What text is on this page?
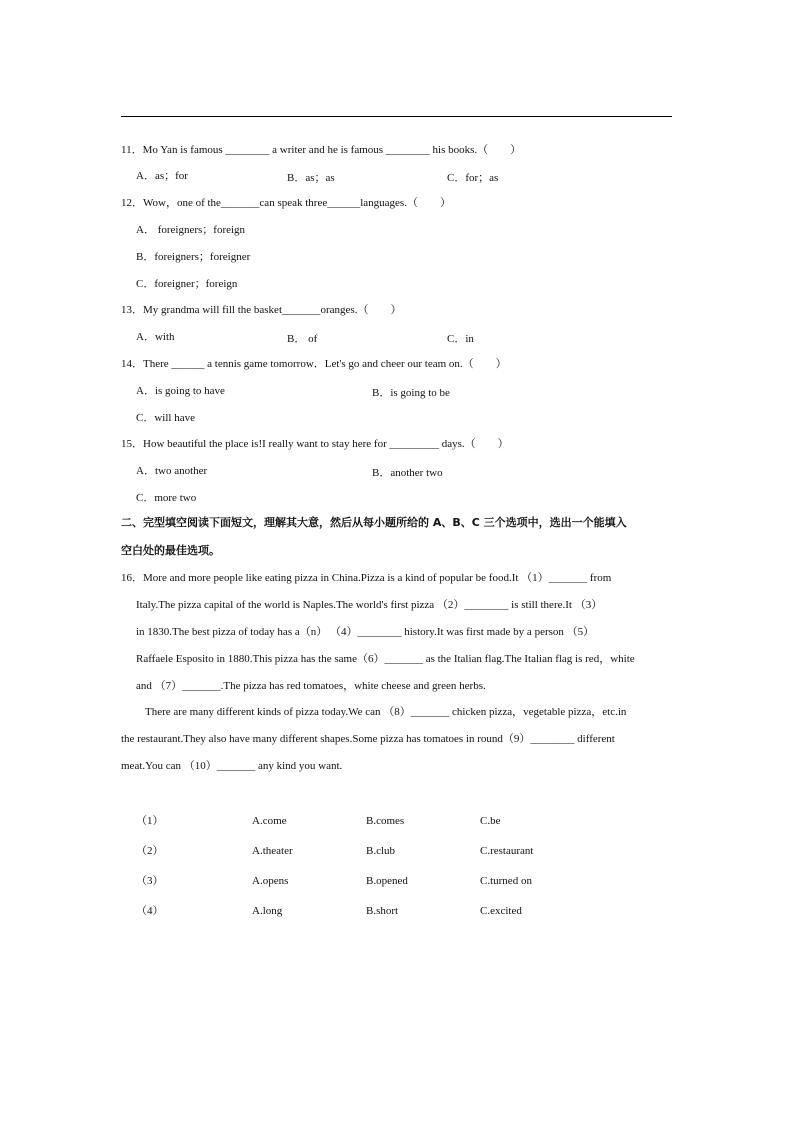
11．Mo Yan is famous ________ a writer and he is famous ________ his books.（　　）
A．as；for	B．as；as	C．for；as
12．Wow，one of the_______can speak three______languages.（　　）
A． foreigners；foreign
B．foreigners；foreigner
C．foreigner；foreign
13．My grandma will fill the basket_______oranges.（　　）
A．with	B． of	C．in
14．There ______ a tennis game tomorrow．Let's go and cheer our team on.（　　）
A．is going to have	B．is going to be
C．will have
15．How beautiful the place is!I really want to stay here for _________ days.（　　）
A．two another	B．another two
C．more two
二、完型填空阅读下面短文，理解其大意，然后从每小题所给的 A、B、C 三个选项中，选出一个能填入
空白处的最佳选项。
16．More and more people like eating pizza in China.Pizza is a kind of popular be food.It （1）_______ from
Italy.The pizza capital of the world is Naples.The world's first pizza （2）________ is still there.It （3）
in 1830.The best pizza of today has a（n） （4）________ history.It was first made by a person （5）
Raffaele Esposito in 1880.This pizza has the same（6）_______ as the Italian flag.The Italian flag is red，white
and （7）_______.The pizza has red tomatoes，white cheese and green herbs.
There are many different kinds of pizza today.We can （8）_______ chicken pizza，vegetable pizza，etc.in
the restaurant.They also have many different shapes.Some pizza has tomatoes in round（9）________ different
meat.You can （10）_______ any kind you want.
（1）	A.come	B.comes	C.be
（2）	A.theater	B.club	C.restaurant
（3）	A.opens	B.opened	C.turned on
（4）	A.long	B.short	C.excited
